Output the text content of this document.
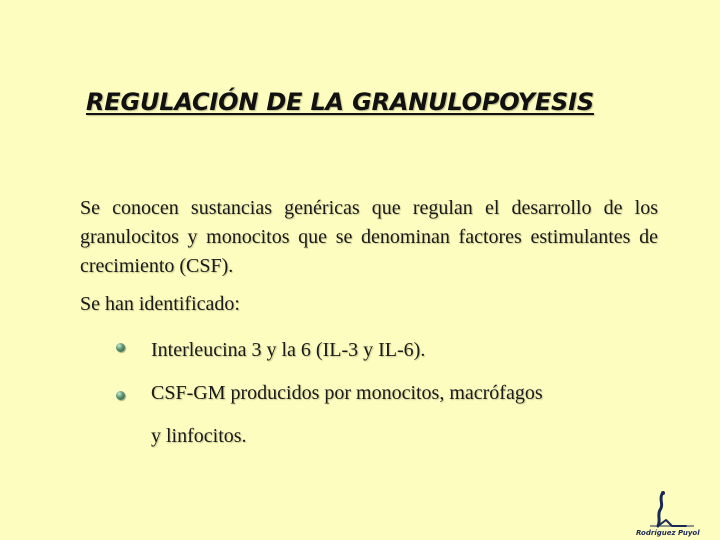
REGULACIÓN DE LA GRANULOPOYESIS
Se conocen sustancias genéricas que regulan el desarrollo de los granulocitos y monocitos que se denominan factores estimulantes de crecimiento (CSF).
Se han identificado:
Interleucina 3 y la 6 (IL-3 y IL-6).
CSF-GM producidos por monocitos, macrófagos
y linfocitos.
Rodríguez Puyol
